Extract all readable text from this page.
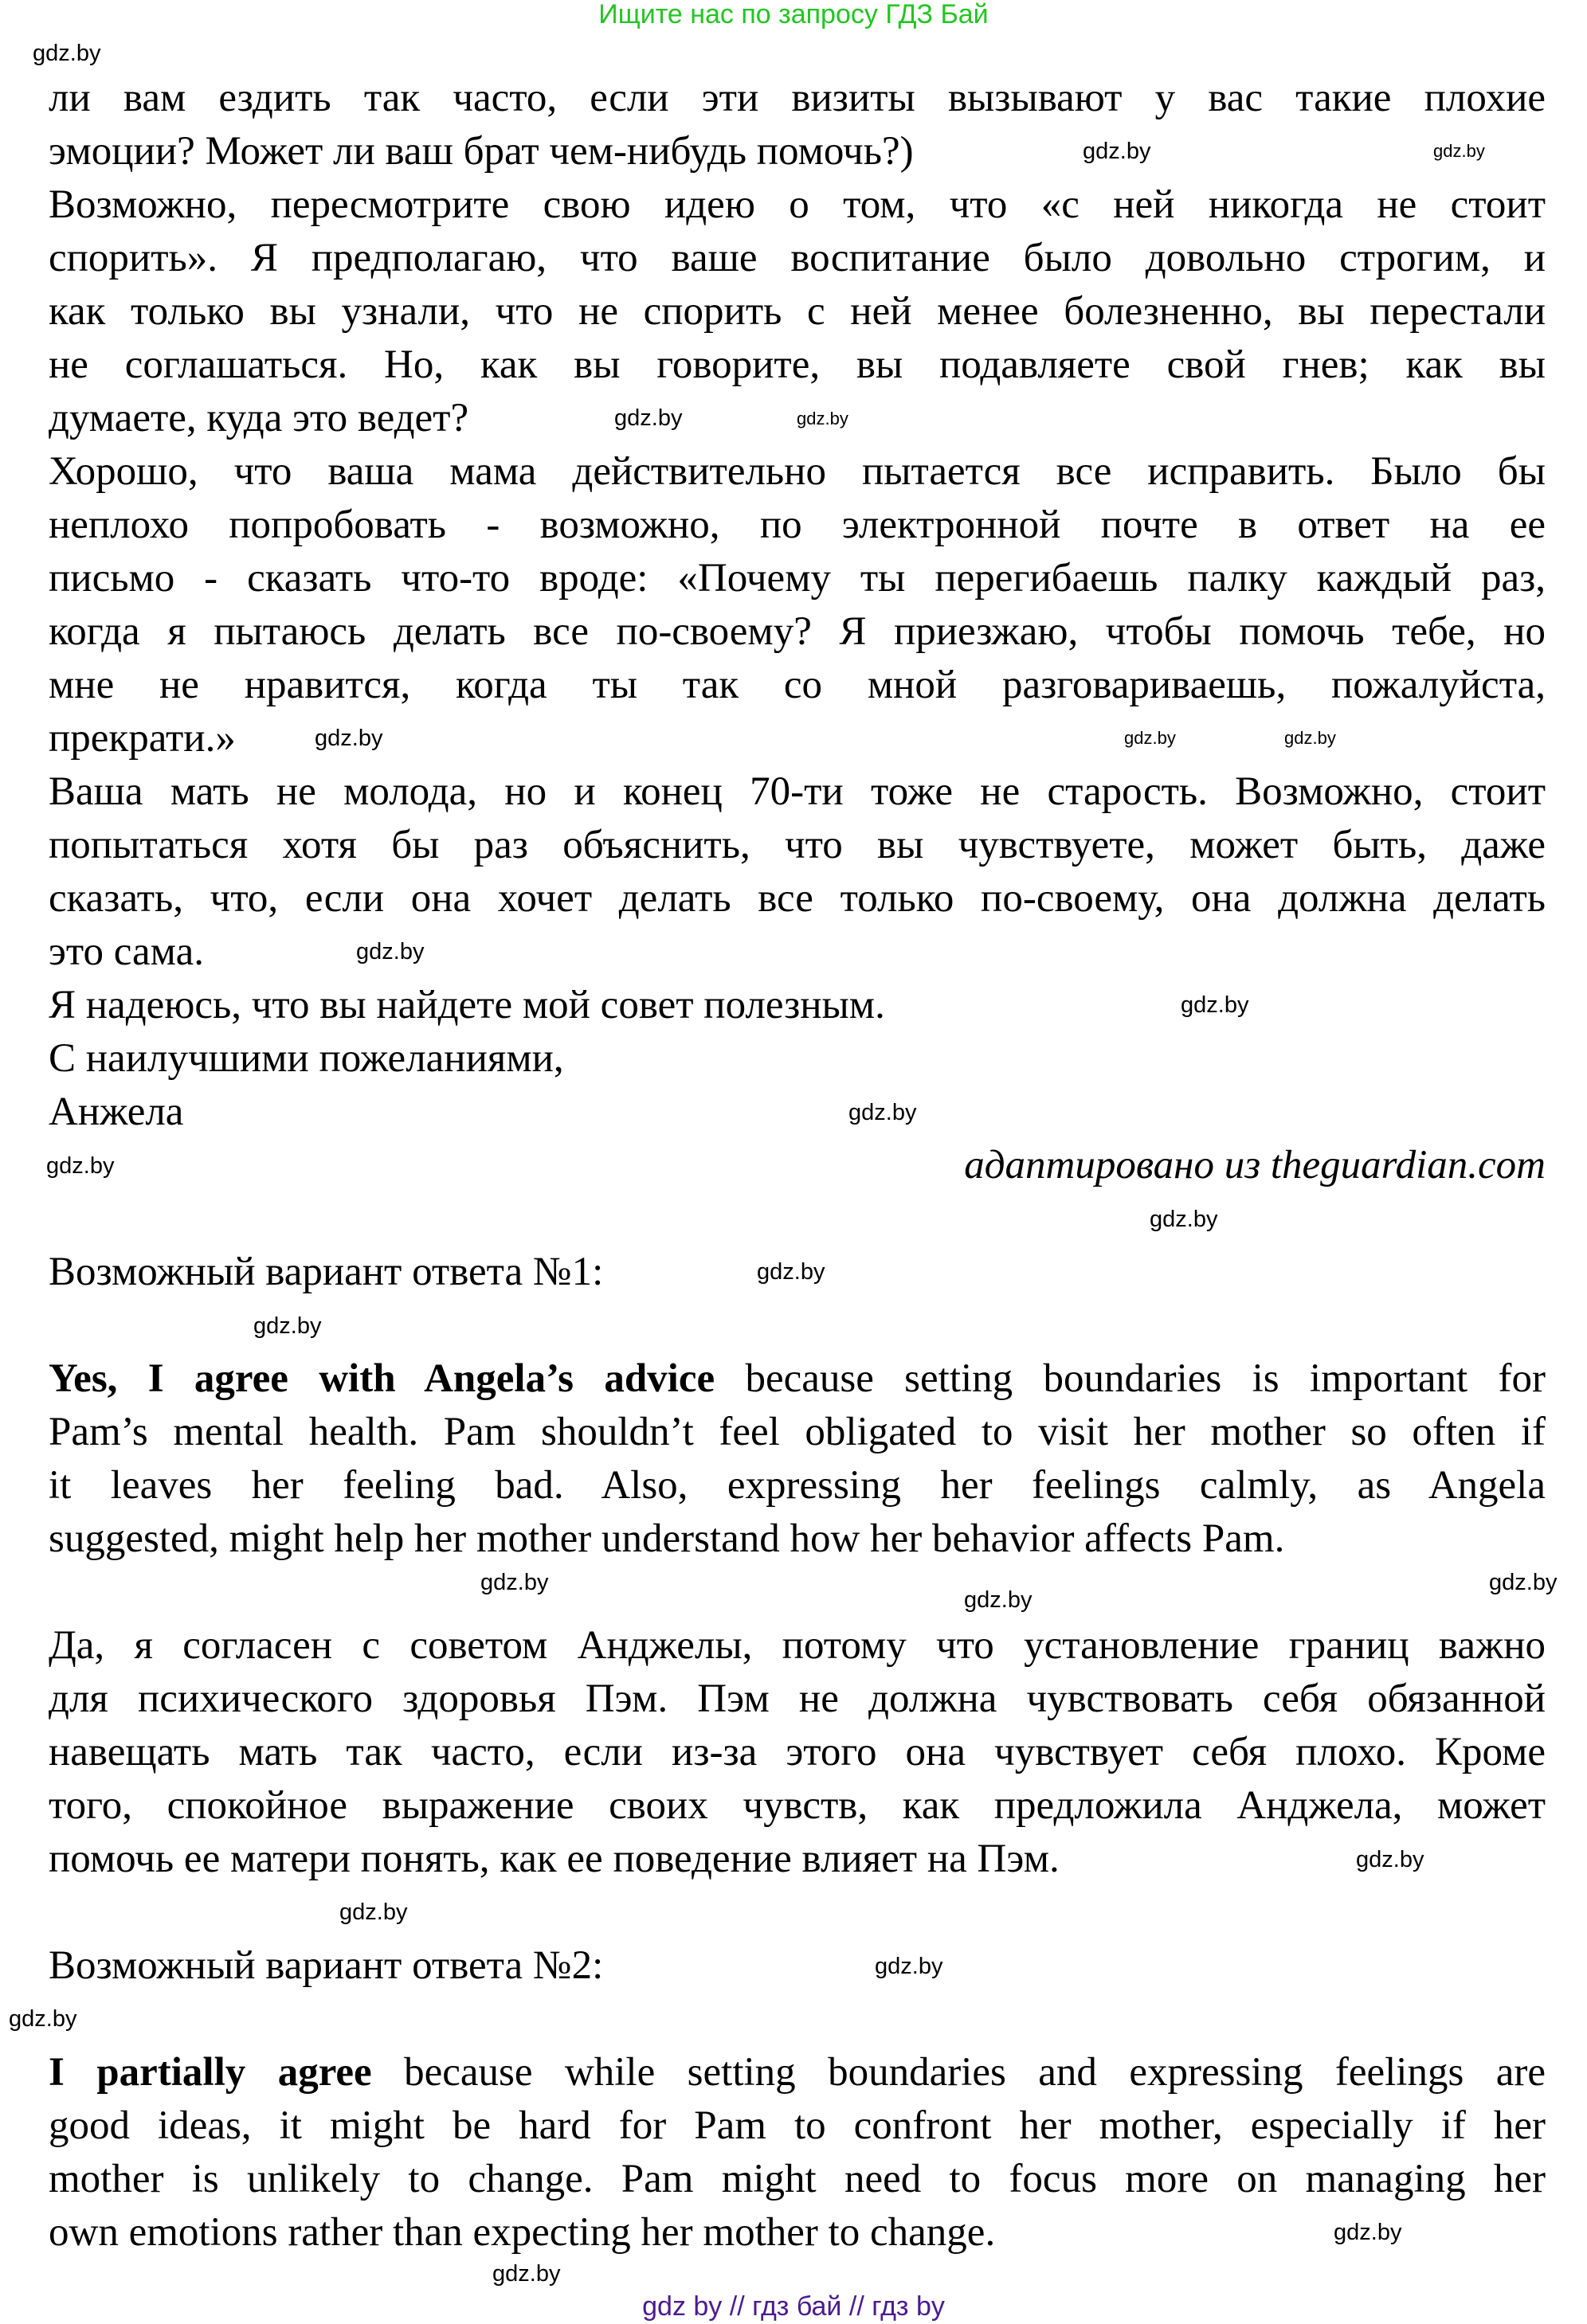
Ищите нас по запросу ГДЗ Бай
ли вам ездить так часто, если эти визиты вызывают у вас такие плохие
эмоции? Может ли ваш брат чем-нибудь помочь?)
Возможно, пересмотрите свою идею о том, что «с ней никогда не стоит
спорить». Я предполагаю, что ваше воспитание было довольно строгим, и
как только вы узнали, что не спорить с ней менее болезненно, вы перестали
не соглашаться. Но, как вы говорите, вы подавляете свой гнев; как вы
думаете, куда это ведет?
Хорошо, что ваша мама действительно пытается все исправить. Было бы
неплохо попробовать - возможно, по электронной почте в ответ на ее
письмо - сказать что-то вроде: «Почему ты перегибаешь палку каждый раз,
когда я пытаюсь делать все по-своему? Я приезжаю, чтобы помочь тебе, но
мне не нравится, когда ты так со мной разговариваешь, пожалуйста,
прекрати.»
Ваша мать не молода, но и конец 70-ти тоже не старость. Возможно, стоит
попытаться хотя бы раз объяснить, что вы чувствуете, может быть, даже
сказать, что, если она хочет делать все только по-своему, она должна делать
это сама.
Я надеюсь, что вы найдете мой совет полезным.
С наилучшими пожеланиями,
Анжела
адаптировано из theguardian.com
Возможный вариант ответа №1:
Yes, I agree with Angela’s advice because setting boundaries is important for
Pam’s mental health. Pam shouldn’t feel obligated to visit her mother so often if
it leaves her feeling bad. Also, expressing her feelings calmly, as Angela
suggested, might help her mother understand how her behavior affects Pam.
Да, я согласен с советом Анджелы, потому что установление границ важно
для психического здоровья Пэм. Пэм не должна чувствовать себя обязанной
навещать мать так часто, если из-за этого она чувствует себя плохо. Кроме
того, спокойное выражение своих чувств, как предложила Анджела, может
помочь ее матери понять, как ее поведение влияет на Пэм.
Возможный вариант ответа №2:
I partially agree because while setting boundaries and expressing feelings are
good ideas, it might be hard for Pam to confront her mother, especially if her
mother is unlikely to change. Pam might need to focus more on managing her
own emotions rather than expecting her mother to change.
gdz.by
gdz.by	gdz.by
gdz.by
gdz.by
gdz.by	gdz.by
gdz.by
gdz.by
gdz.by
gdz.by
gdz.by
gdz.by
gdz.by
gdz.by
gdz.by
gdz.by
gdz.by
gdz.by
gdz.by
gdz.by
gdz.by
gdz.by
gdz.by
gdz by // гдз бай // гдз by
